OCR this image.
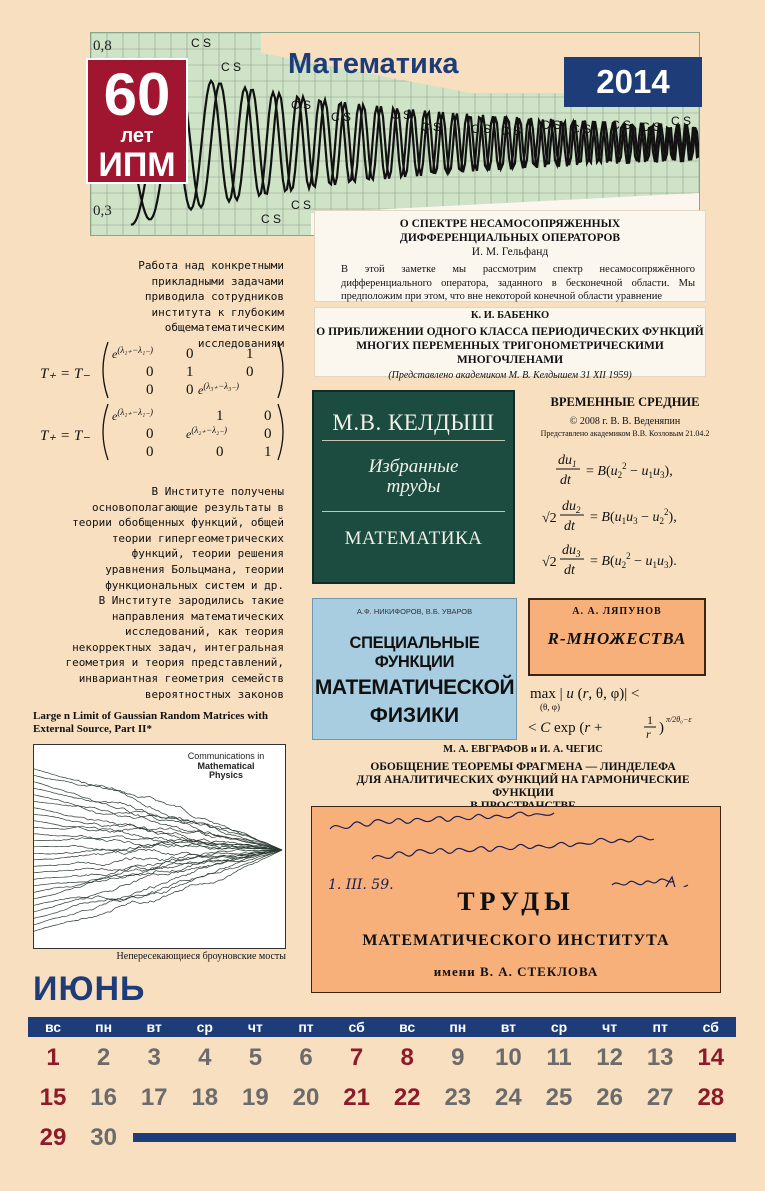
C S
C S
C S
C S	C S
C S C S C S C S C S C S C S C S
C S
C S
0,8
0,3
60
лет
ИПМ
Математика	2014
Работа над конкретными прикладными задачами приводила сотрудников института к глубоким общематематическим исследованиям
T₊ = T₋
$e^{(\lambda_{1+}-\lambda_{1-})}$ 0	1
0 1	0
0 0 $e^{(\lambda_{3+}-\lambda_{3-})}$
T₊ = T₋
$e^{(\lambda_{1+}-\lambda_{1-})}$	1	0
0	$e^{(\lambda_{2+}-\lambda_{2-})}$ 0
0	0	1
В Институте получены основополагающие результаты в теории обобщенных функций, общей теории гипергеометрических функций, теории решения уравнения Больцмана, теории функциональных систем и др.
В Институте зародились такие направления математических исследований, как теория некорректных задач, интегральная геометрия и теория представлений, инвариантная геометрия семейств вероятностных законов
О СПЕКТРЕ НЕСАМОСОПРЯЖЕННЫХ
ДИФФЕРЕНЦИАЛЬНЫХ ОПЕРАТОРОВ
И. М. Гельфанд
В этой заметке мы рассмотрим спектр несамосопряжённого дифференциального оператора, заданного в бесконечной области. Мы предположим при этом, что вне некоторой конечной области уравнение
К. И. БАБЕНКО
О ПРИБЛИЖЕНИИ ОДНОГО КЛАССА ПЕРИОДИЧЕСКИХ ФУНКЦИЙ
МНОГИХ ПЕРЕМЕННЫХ ТРИГОНОМЕТРИЧЕСКИМИ МНОГОЧЛЕНАМИ
(Представлено академиком М. В. Келдышем 31 XII 1959)
М.В. КЕЛДЫШ
Избранные
труды
МАТЕМАТИКА
ВРЕМЕННЫЕ СРЕДНИЕ
© 2008 г. В. В. Веденяпин
Представлено академиком В.В. Козловым 21.04.2
$du_1$
dt
= $B(u_2^2 - u_1u_3)$,
√2
$du_2$
dt
= $B(u_1u_3 - u_2^2)$,
√2
$du_3$
dt
= $B(u_2^2 - u_1u_3)$.
А.Ф. НИКИФОРОВ, В.Б. УВАРОВ
СПЕЦИАЛЬНЫЕ ФУНКЦИИ
МАТЕМАТИЧЕСКОЙ
ФИЗИКИ
А. А. ЛЯПУНОВ
R-МНОЖЕСТВА
max | u (r, θ, φ)| <
(θ, φ)
< C exp (r +	1
r )
π/2θ₀−ε
М. А. ЕВГРАФОВ и И. А. ЧЕГИС
ОБОБЩЕНИЕ ТЕОРЕМЫ ФРАГМЕНА — ЛИНДЕЛЕФА
ДЛЯ АНАЛИТИЧЕСКИХ ФУНКЦИЙ НА ГАРМОНИЧЕСКИЕ ФУНКЦИИ
1. III. 59.
ТРУДЫ
МАТЕМАТИЧЕСКОГО ИНСТИТУТА
имени В. А. СТЕКЛОВА
Large n Limit of Gaussian Random Matrices with External Source, Part II*
Communications in
Mathematical
Physics
Непересекающиеся броуновские мосты
ИЮНЬ
вс	пн	вт	ср	чт	пт	сб	вс	пн	вт	ср	чт	пт	сб
1	2	3	4	5	6	7	8	9	10	11	12 13 14
15 16 17 18 19 20 21 22 23 24 25 26 27 28
29 30
